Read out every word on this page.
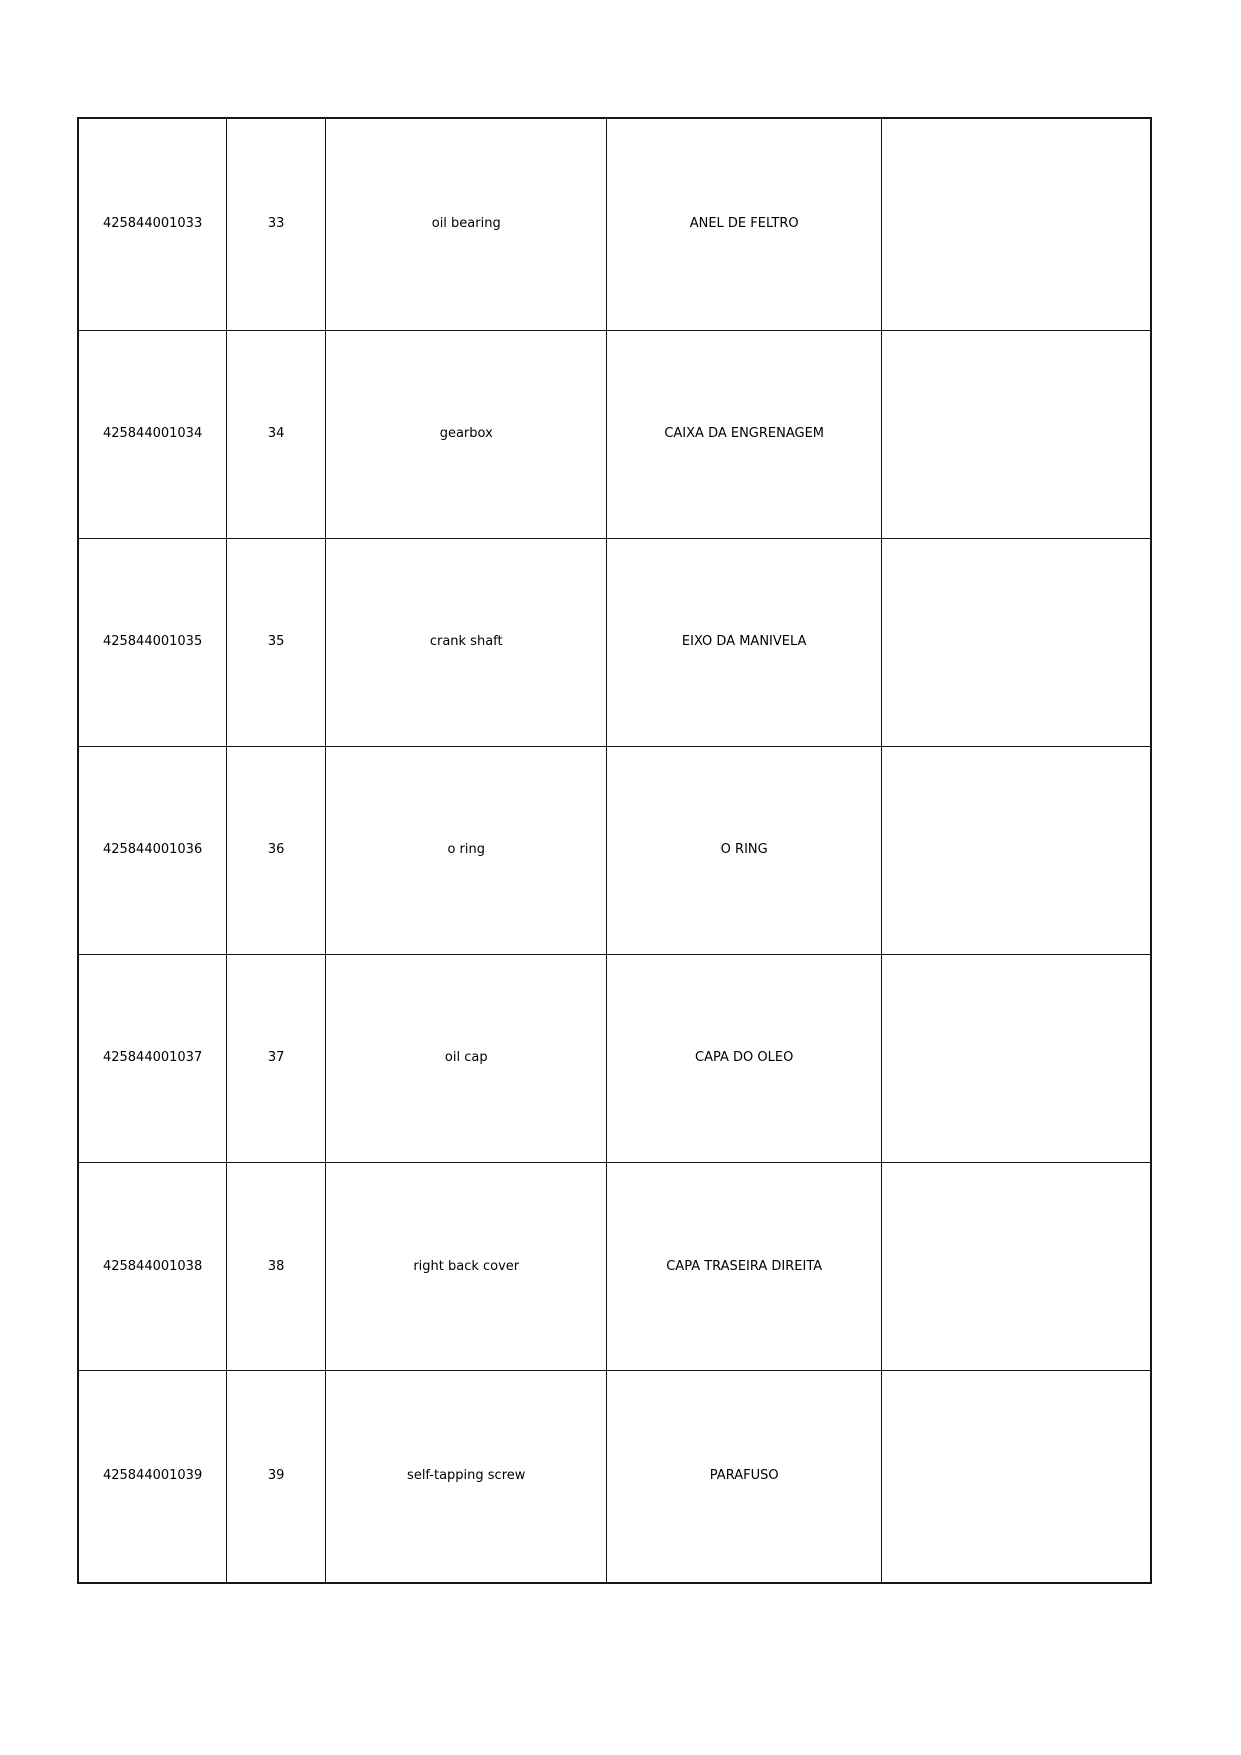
425844001033	33	oil bearing	ANEL DE FELTRO	
425844001034	34	gearbox	CAIXA DA ENGRENAGEM	
425844001035	35	crank shaft	EIXO DA MANIVELA	
425844001036	36	o ring	O RING	
425844001037	37	oil cap	CAPA DO OLEO	
425844001038	38	right back cover	CAPA TRASEIRA DIREITA	
425844001039	39	self-tapping screw	PARAFUSO	
